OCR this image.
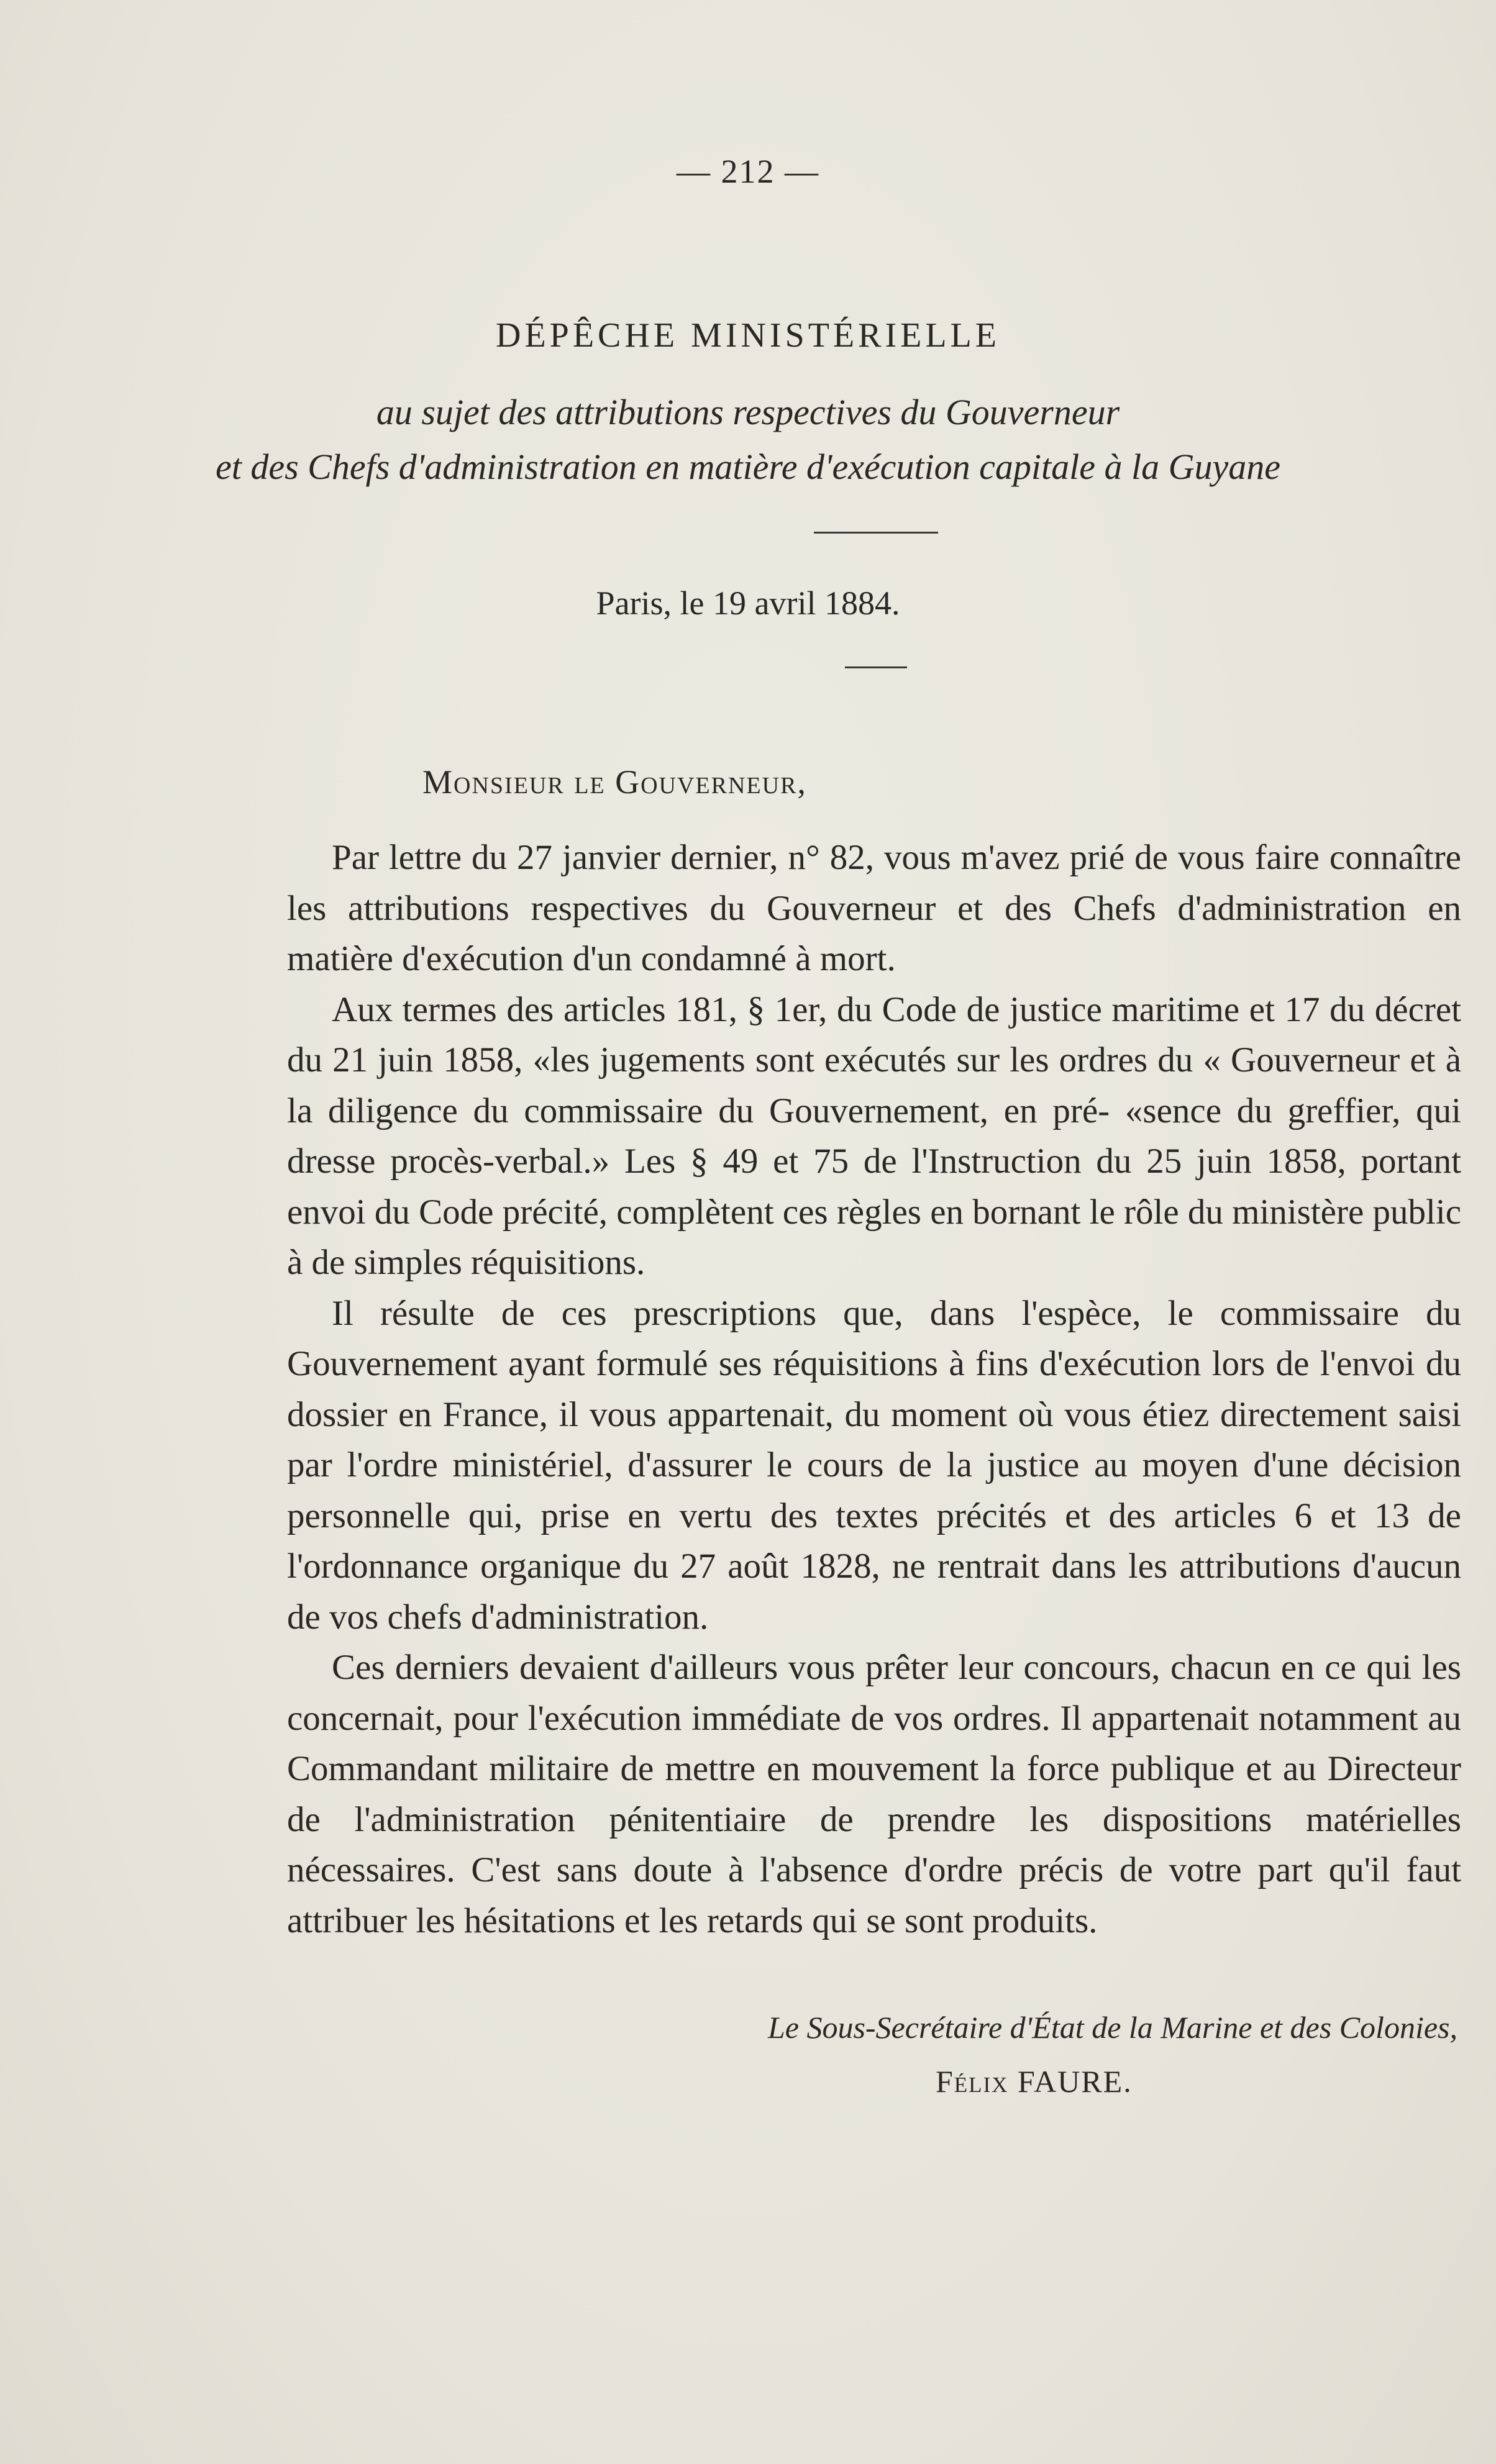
— 212 —
DÉPÊCHE MINISTÉRIELLE
au sujet des attributions respectives du Gouverneur
et des Chefs d'administration en matière d'exécution capitale à la Guyane
Paris, le 19 avril 1884.
Monsieur le Gouverneur,

Par lettre du 27 janvier dernier, n° 82, vous m'avez prié de vous faire connaître les attributions respectives du Gouverneur et des Chefs d'administration en matière d'exécution d'un condamné à mort.

Aux termes des articles 181, § 1er, du Code de justice maritime et 17 du décret du 21 juin 1858, «les jugements sont exécutés sur les ordres du « Gouverneur et à la diligence du commissaire du Gouvernement, en pré- «sence du greffier, qui dresse procès-verbal.» Les § 49 et 75 de l'Instruction du 25 juin 1858, portant envoi du Code précité, complètent ces règles en bornant le rôle du ministère public à de simples réquisitions.

Il résulte de ces prescriptions que, dans l'espèce, le commissaire du Gouvernement ayant formulé ses réquisitions à fins d'exécution lors de l'envoi du dossier en France, il vous appartenait, du moment où vous étiez directement saisi par l'ordre ministériel, d'assurer le cours de la justice au moyen d'une décision personnelle qui, prise en vertu des textes précités et des articles 6 et 13 de l'ordonnance organique du 27 août 1828, ne rentrait dans les attributions d'aucun de vos chefs d'administration.

Ces derniers devaient d'ailleurs vous prêter leur concours, chacun en ce qui les concernait, pour l'exécution immédiate de vos ordres. Il appartenait notamment au Commandant militaire de mettre en mouvement la force publique et au Directeur de l'administration pénitentiaire de prendre les dispositions matérielles nécessaires. C'est sans doute à l'absence d'ordre précis de votre part qu'il faut attribuer les hésitations et les retards qui se sont produits.

Le Sous-Secrétaire d'État de la Marine et des Colonies,
Félix FAURE.
